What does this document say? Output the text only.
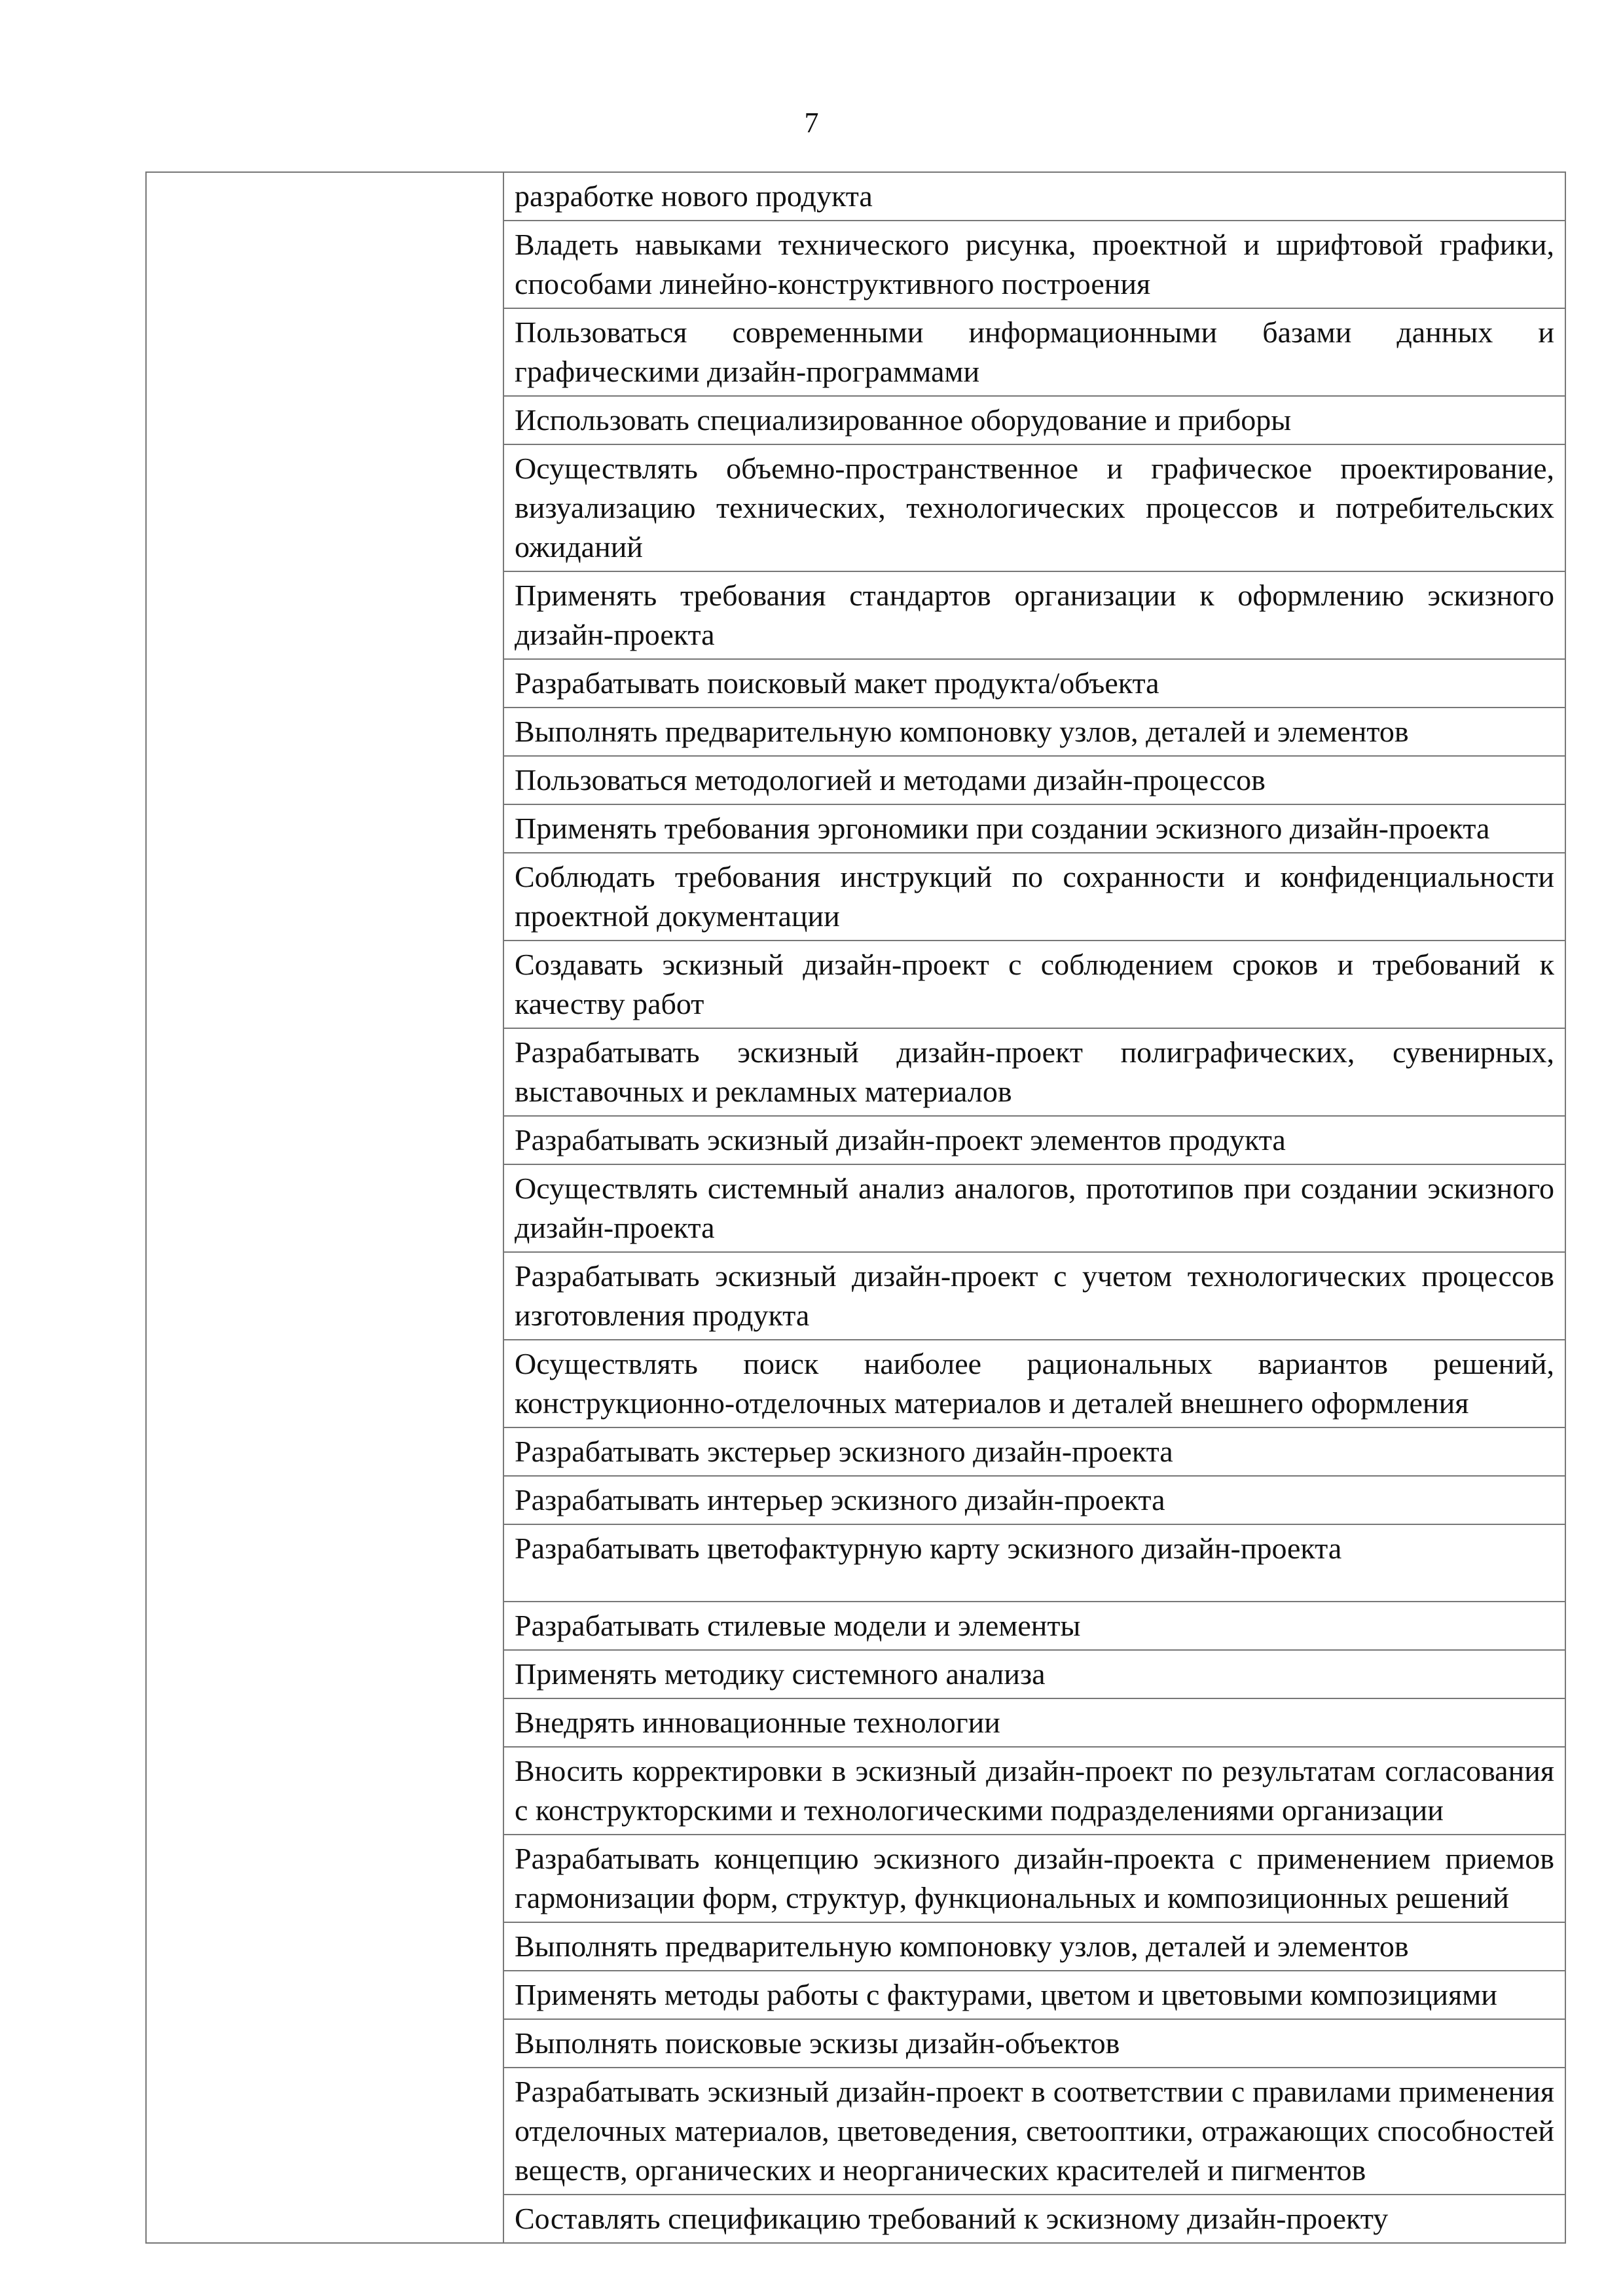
7
	разработке нового продукта
Владеть навыками технического рисунка, проектной и шрифтовой графики, способами линейно-конструктивного построения
Пользоваться современными информационными базами данных и графическими дизайн-программами
Использовать специализированное оборудование и приборы
Осуществлять объемно-пространственное и графическое проектирование, визуализацию технических, технологических процессов и потребительских ожиданий
Применять требования стандартов организации к оформлению эскизного дизайн-проекта
Разрабатывать поисковый макет продукта/объекта
Выполнять предварительную компоновку узлов, деталей и элементов
Пользоваться методологией и методами дизайн-процессов
Применять требования эргономики при создании эскизного дизайн-проекта
Соблюдать требования инструкций по сохранности и конфиденциальности проектной документации
Создавать эскизный дизайн-проект с соблюдением сроков и требований к качеству работ
Разрабатывать эскизный дизайн-проект полиграфических, сувенирных, выставочных и рекламных материалов
Разрабатывать эскизный дизайн-проект элементов продукта
Осуществлять системный анализ аналогов, прототипов при создании эскизного дизайн-проекта
Разрабатывать эскизный дизайн-проект с учетом технологических процессов изготовления продукта
Осуществлять поиск наиболее рациональных вариантов решений, конструкционно-отделочных материалов и деталей внешнего оформления
Разрабатывать экстерьер эскизного дизайн-проекта
Разрабатывать интерьер эскизного дизайн-проекта
Разрабатывать цветофактурную карту эскизного дизайн-проекта
Разрабатывать стилевые модели и элементы
Применять методику системного анализа
Внедрять инновационные технологии
Вносить корректировки в эскизный дизайн-проект по результатам согласования с конструкторскими и технологическими подразделениями организации
Разрабатывать концепцию эскизного дизайн-проекта с применением приемов гармонизации форм, структур, функциональных и композиционных решений
Выполнять предварительную компоновку узлов, деталей и элементов
Применять методы работы с фактурами, цветом и цветовыми композициями
Выполнять поисковые эскизы дизайн-объектов
Разрабатывать эскизный дизайн-проект в соответствии с правилами применения отделочных материалов, цветоведения, светооптики, отражающих способностей веществ, органических и неорганических красителей и пигментов
Составлять спецификацию требований к эскизному дизайн-проекту
